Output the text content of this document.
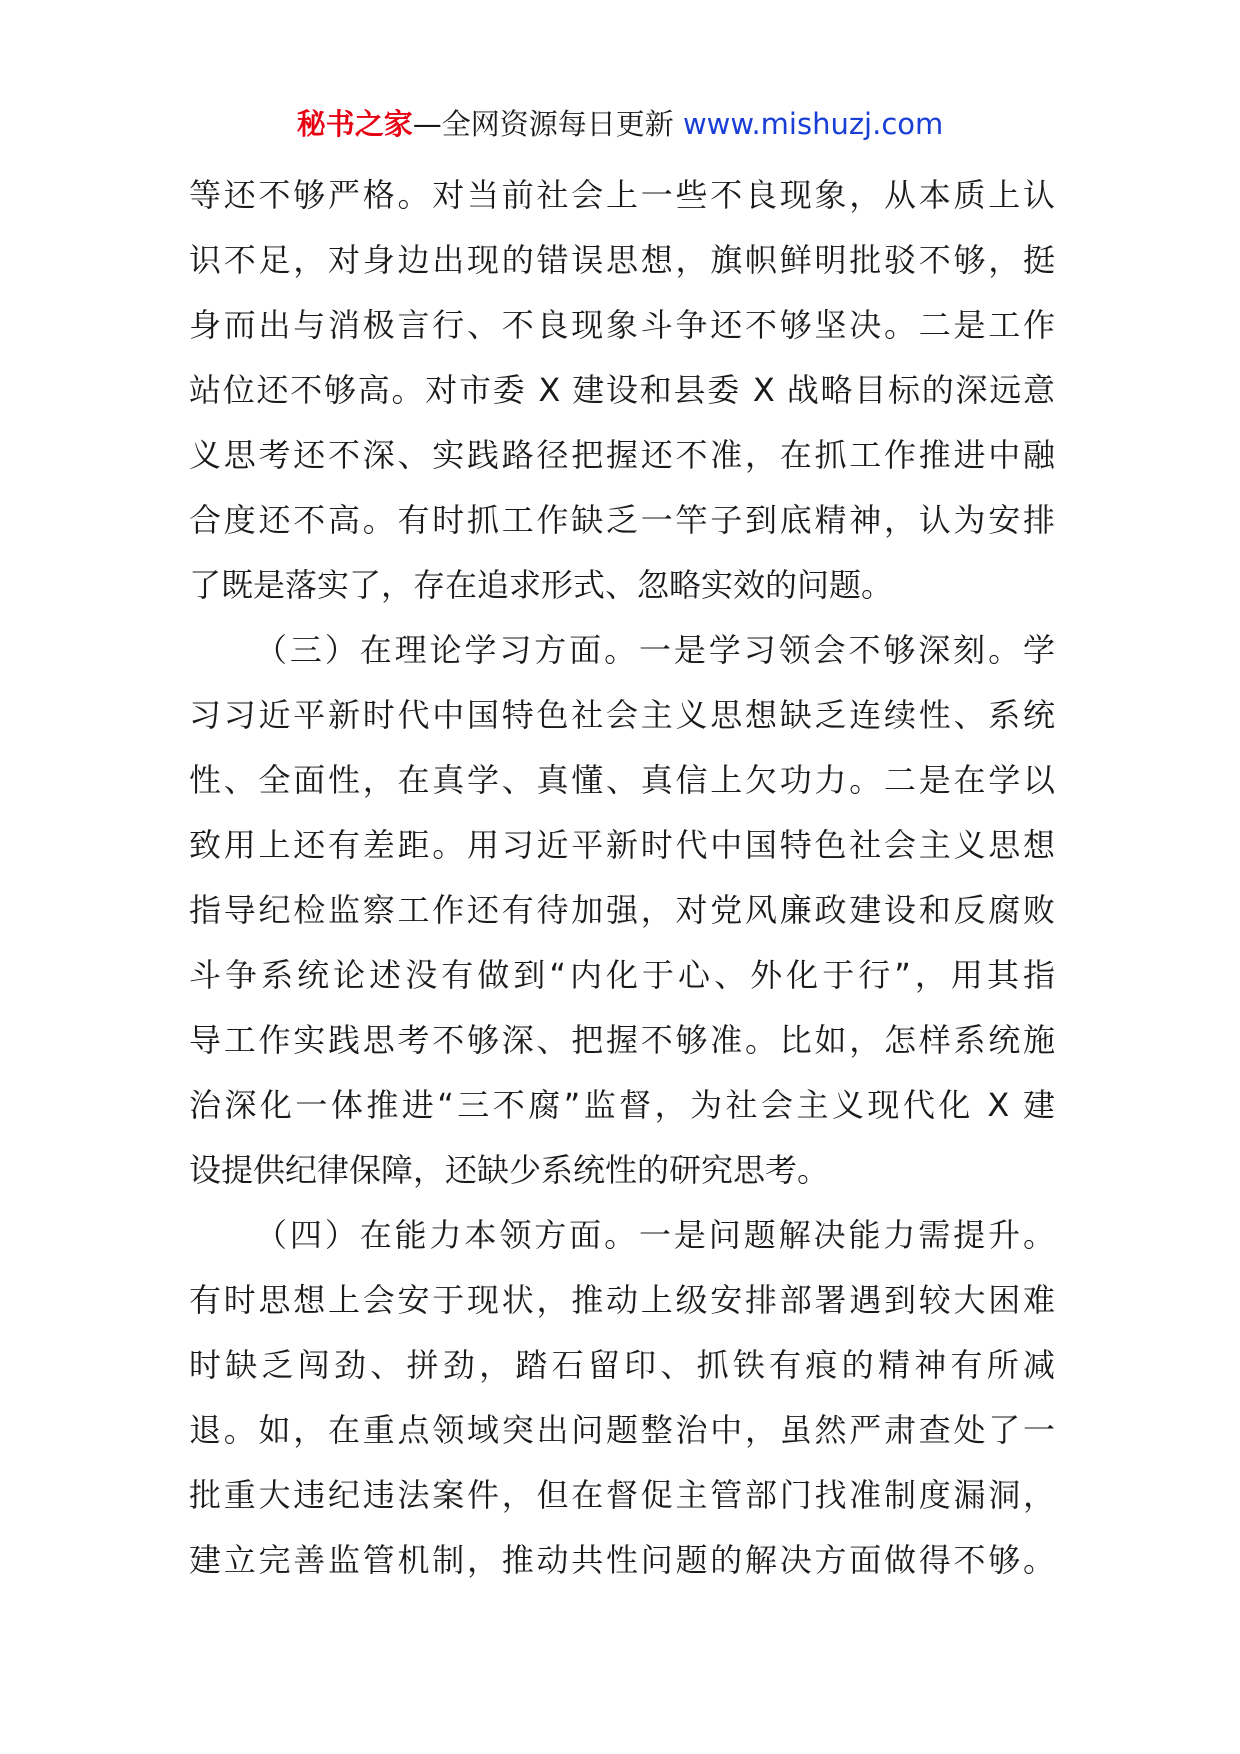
秘书之家—全网资源每日更新 www.mishuzj.com
等还不够严格。对当前社会上一些不良现象，从本质上认
识不足，对身边出现的错误思想，旗帜鲜明批驳不够，挺
身而出与消极言行、不良现象斗争还不够坚决。二是工作
站位还不够高。对市委 X 建设和县委 X 战略目标的深远意
义思考还不深、实践路径把握还不准，在抓工作推进中融
合度还不高。有时抓工作缺乏一竿子到底精神，认为安排
了既是落实了，存在追求形式、忽略实效的问题。
（三）在理论学习方面。一是学习领会不够深刻。学
习习近平新时代中国特色社会主义思想缺乏连续性、系统
性、全面性，在真学、真懂、真信上欠功力。二是在学以
致用上还有差距。用习近平新时代中国特色社会主义思想
指导纪检监察工作还有待加强，对党风廉政建设和反腐败
斗争系统论述没有做到“内化于心、外化于行”，用其指
导工作实践思考不够深、把握不够准。比如，怎样系统施
治深化一体推进“三不腐”监督，为社会主义现代化 X 建
设提供纪律保障，还缺少系统性的研究思考。
（四）在能力本领方面。一是问题解决能力需提升。
有时思想上会安于现状，推动上级安排部署遇到较大困难
时缺乏闯劲、拼劲，踏石留印、抓铁有痕的精神有所减
退。如，在重点领域突出问题整治中，虽然严肃查处了一
批重大违纪违法案件，但在督促主管部门找准制度漏洞，
建立完善监管机制，推动共性问题的解决方面做得不够。
